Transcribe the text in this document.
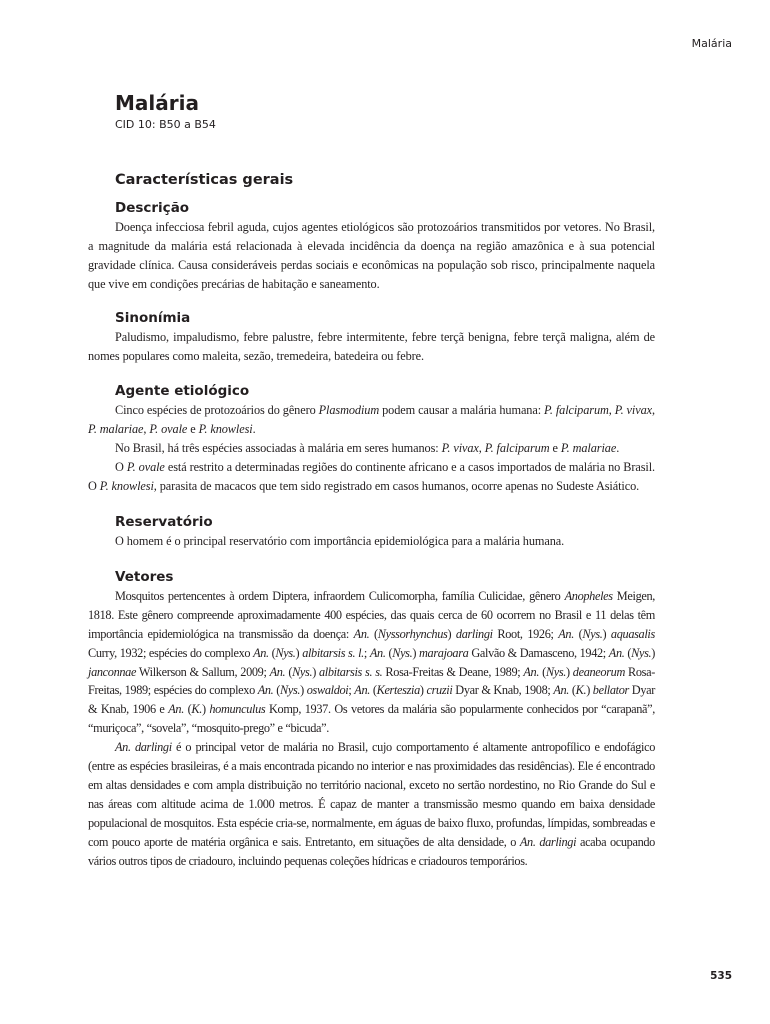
Malária
Malária
CID 10: B50 a B54
Características gerais
Descrição

Doença infecciosa febril aguda, cujos agentes etiológicos são protozoários transmitidos por vetores. No Brasil, a magnitude da malária está relacionada à elevada incidência da doença na região amazônica e à sua potencial gravidade clínica. Causa consideráveis perdas sociais e econômicas na população sob risco, principalmente naquela que vive em condições precárias de habitação e saneamento.

Sinonímia

Paludismo, impaludismo, febre palustre, febre intermitente, febre terçã benigna, febre terçã maligna, além de nomes populares como maleita, sezão, tremedeira, batedeira ou febre.

Agente etiológico

Cinco espécies de protozoários do gênero Plasmodium podem causar a malária humana: P. falciparum, P. vivax, P. malariae, P. ovale e P. knowlesi.

No Brasil, há três espécies associadas à malária em seres humanos: P. vivax, P. falciparum e P. malariae.

O P. ovale está restrito a determinadas regiões do continente africano e a casos importados de malária no Brasil. O P. knowlesi, parasita de macacos que tem sido registrado em casos humanos, ocorre apenas no Sudeste Asiático.

Reservatório

O homem é o principal reservatório com importância epidemiológica para a malária humana.

Vetores

Mosquitos pertencentes à ordem Diptera, infraordem Culicomorpha, família Culicidae, gênero Anopheles Meigen, 1818. Este gênero compreende aproximadamente 400 espécies, das quais cerca de 60 ocorrem no Brasil e 11 delas têm importância epidemiológica na transmissão da doença: An. (Nyssorhynchus) darlingi Root, 1926; An. (Nys.) aquasalis Curry, 1932; espécies do complexo An. (Nys.) albitarsis s. l.; An. (Nys.) marajoara Galvão & Damasceno, 1942; An. (Nys.) janconnae Wilkerson & Sallum, 2009; An. (Nys.) albitarsis s. s. Rosa-Freitas & Deane, 1989; An. (Nys.) deaneorum Rosa-Freitas, 1989; espécies do complexo An. (Nys.) oswaldoi; An. (Kerteszia) cruzii Dyar & Knab, 1908; An. (K.) bellator Dyar & Knab, 1906 e An. (K.) homunculus Komp, 1937. Os vetores da malária são popularmente conhecidos por “carapanã”, “muriçoca”, “sovela”, “mosquito-prego” e “bicuda”.

An. darlingi é o principal vetor de malária no Brasil, cujo comportamento é altamente antropofílico e endofágico (entre as espécies brasileiras, é a mais encontrada picando no interior e nas proximidades das residências). Ele é encontrado em altas densidades e com ampla distribuição no território nacional, exceto no sertão nordestino, no Rio Grande do Sul e nas áreas com altitude acima de 1.000 metros. É capaz de manter a transmissão mesmo quando em baixa densidade populacional de mosquitos. Esta espécie cria-se, normalmente, em águas de baixo fluxo, profundas, límpidas, sombreadas e com pouco aporte de matéria orgânica e sais. Entretanto, em situações de alta densidade, o An. darlingi acaba ocupando vários outros tipos de criadouro, incluindo pequenas coleções hídricas e criadouros temporários.

535
